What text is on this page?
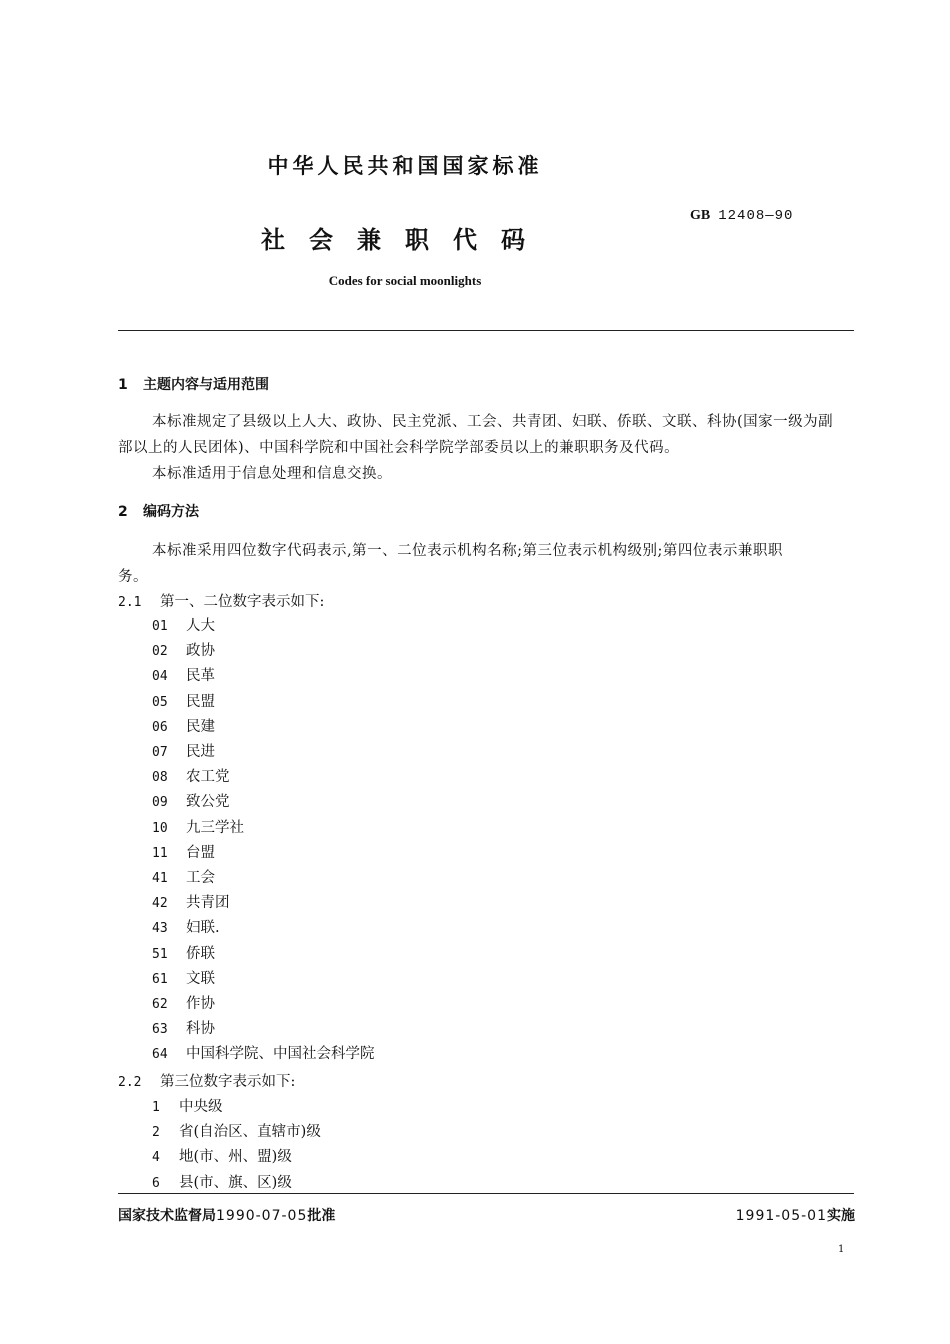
中华人民共和国国家标准
GB 12408—90
社会兼职代码
Codes for social moonlights
1 主题内容与适用范围
本标准规定了县级以上人大、政协、民主党派、工会、共青团、妇联、侨联、文联、科协(国家一级为副
部以上的人民团体)、中国科学院和中国社会科学院学部委员以上的兼职职务及代码。
本标准适用于信息处理和信息交换。
2 编码方法
本标准采用四位数字代码表示,第一、二位表示机构名称;第三位表示机构级别;第四位表示兼职职
务。
2.1 第一、二位数字表示如下:
01 人大
02 政协
04 民革
05 民盟
06 民建
07 民进
08 农工党
09 致公党
10 九三学社
11 台盟
41 工会
42 共青团
43 妇联.
51 侨联
61 文联
62 作协
63 科协
64 中国科学院、中国社会科学院
2.2 第三位数字表示如下:
1 中央级
2 省(自治区、直辖市)级
4 地(市、州、盟)级
6 县(市、旗、区)级
国家技术监督局1990-07-05批准	1991-05-01实施
1
